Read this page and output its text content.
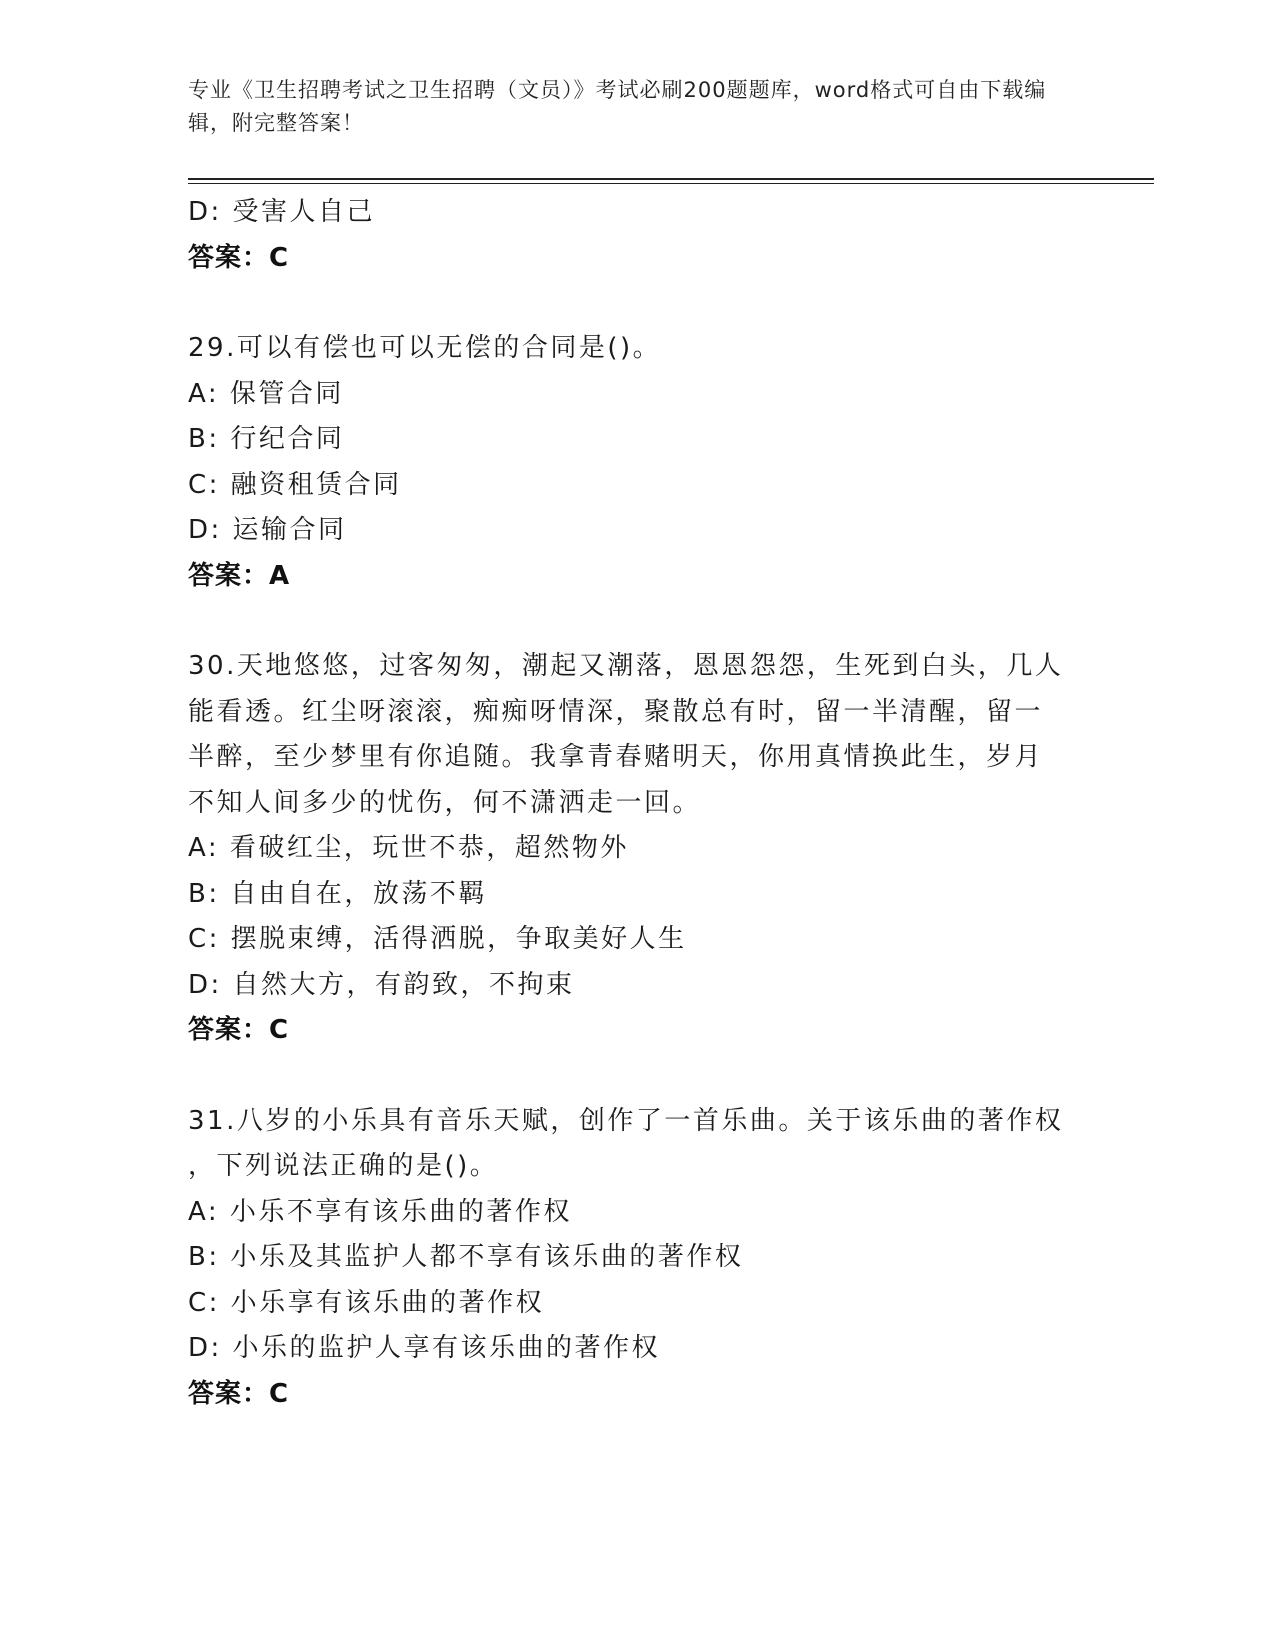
专业《卫生招聘考试之卫生招聘（文员）》考试必刷200题题库，word格式可自由下载编辑，附完整答案！
D: 受害人自己
答案：C
29.可以有偿也可以无偿的合同是()。
A: 保管合同
B: 行纪合同
C: 融资租赁合同
D: 运输合同
答案：A
30.天地悠悠，过客匆匆，潮起又潮落，恩恩怨怨，生死到白头，几人
能看透。红尘呀滚滚，痴痴呀情深，聚散总有时，留一半清醒，留一
半醉，至少梦里有你追随。我拿青春赌明天，你用真情换此生，岁月
不知人间多少的忧伤，何不潇洒走一回。
A: 看破红尘，玩世不恭，超然物外
B: 自由自在，放荡不羁
C: 摆脱束缚，活得洒脱，争取美好人生
D: 自然大方，有韵致，不拘束
答案：C
31.八岁的小乐具有音乐天赋，创作了一首乐曲。关于该乐曲的著作权
，下列说法正确的是()。
A: 小乐不享有该乐曲的著作权
B: 小乐及其监护人都不享有该乐曲的著作权
C: 小乐享有该乐曲的著作权
D: 小乐的监护人享有该乐曲的著作权
答案：C
